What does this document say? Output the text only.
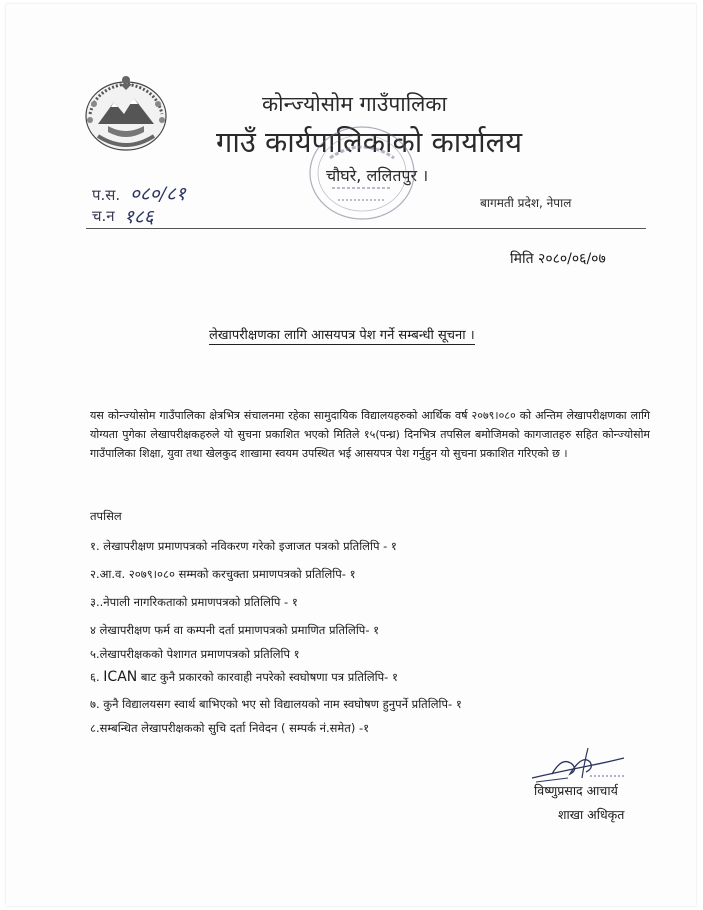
कोन्ज्योसोम गाउँपालिका
गाउँ कार्यपालिकाको कार्यालय
चौघरे, ललितपुर ।
प.स. ०८०/८१
च.न १८६
बागमती प्रदेश, नेपाल
मिति २०८०/०६/०७
लेखापरीक्षणका लागि आसयपत्र पेश गर्ने सम्बन्धी सूचना ।
यस कोन्ज्योसोम गाउँपालिका क्षेत्रभित्र संचालनमा रहेका सामुदायिक विद्यालयहरुको आर्थिक वर्ष २०७९।०८० को अन्तिम लेखापरीक्षणका लागि योग्यता पुगेका लेखापरीक्षकहरुले यो सुचना प्रकाशित भएको मितिले १५(पन्ध्र) दिनभित्र तपसिल बमोजिमको कागजातहरु सहित कोन्ज्योसोम गाउँपालिका शिक्षा, युवा तथा खेलकुद शाखामा स्वयम उपस्थित भई आसयपत्र पेश गर्नुहुन यो सुचना प्रकाशित गरिएको छ ।
तपसिल
१. लेखापरीक्षण प्रमाणपत्रको नविकरण गरेको इजाजत पत्रको प्रतिलिपि - १
२.आ.व. २०७९।०८० सम्मको करचुक्ता प्रमाणपत्रको प्रतिलिपि- १
३..नेपाली नागरिकताको प्रमाणपत्रको प्रतिलिपि - १
४ लेखापरीक्षण फर्म वा कम्पनी दर्ता प्रमाणपत्रको प्रमाणित प्रतिलिपि- १
५.लेखापरीक्षकको पेशागत प्रमाणपत्रको प्रतिलिपि १
६. ICAN बाट कुनै प्रकारको कारवाही नपरेको स्वघोषणा पत्र प्रतिलिपि- १
७. कुनै विद्यालयसग स्वार्थ बाभिएको भए सो विद्यालयको नाम स्वघोषण हुनुपर्ने प्रतिलिपि- १
८.सम्बन्धित लेखापरीक्षकको सुचि दर्ता निवेदन ( सम्पर्क नं.समेत) -१
विष्णुप्रसाद आचार्य
शाखा अधिकृत
